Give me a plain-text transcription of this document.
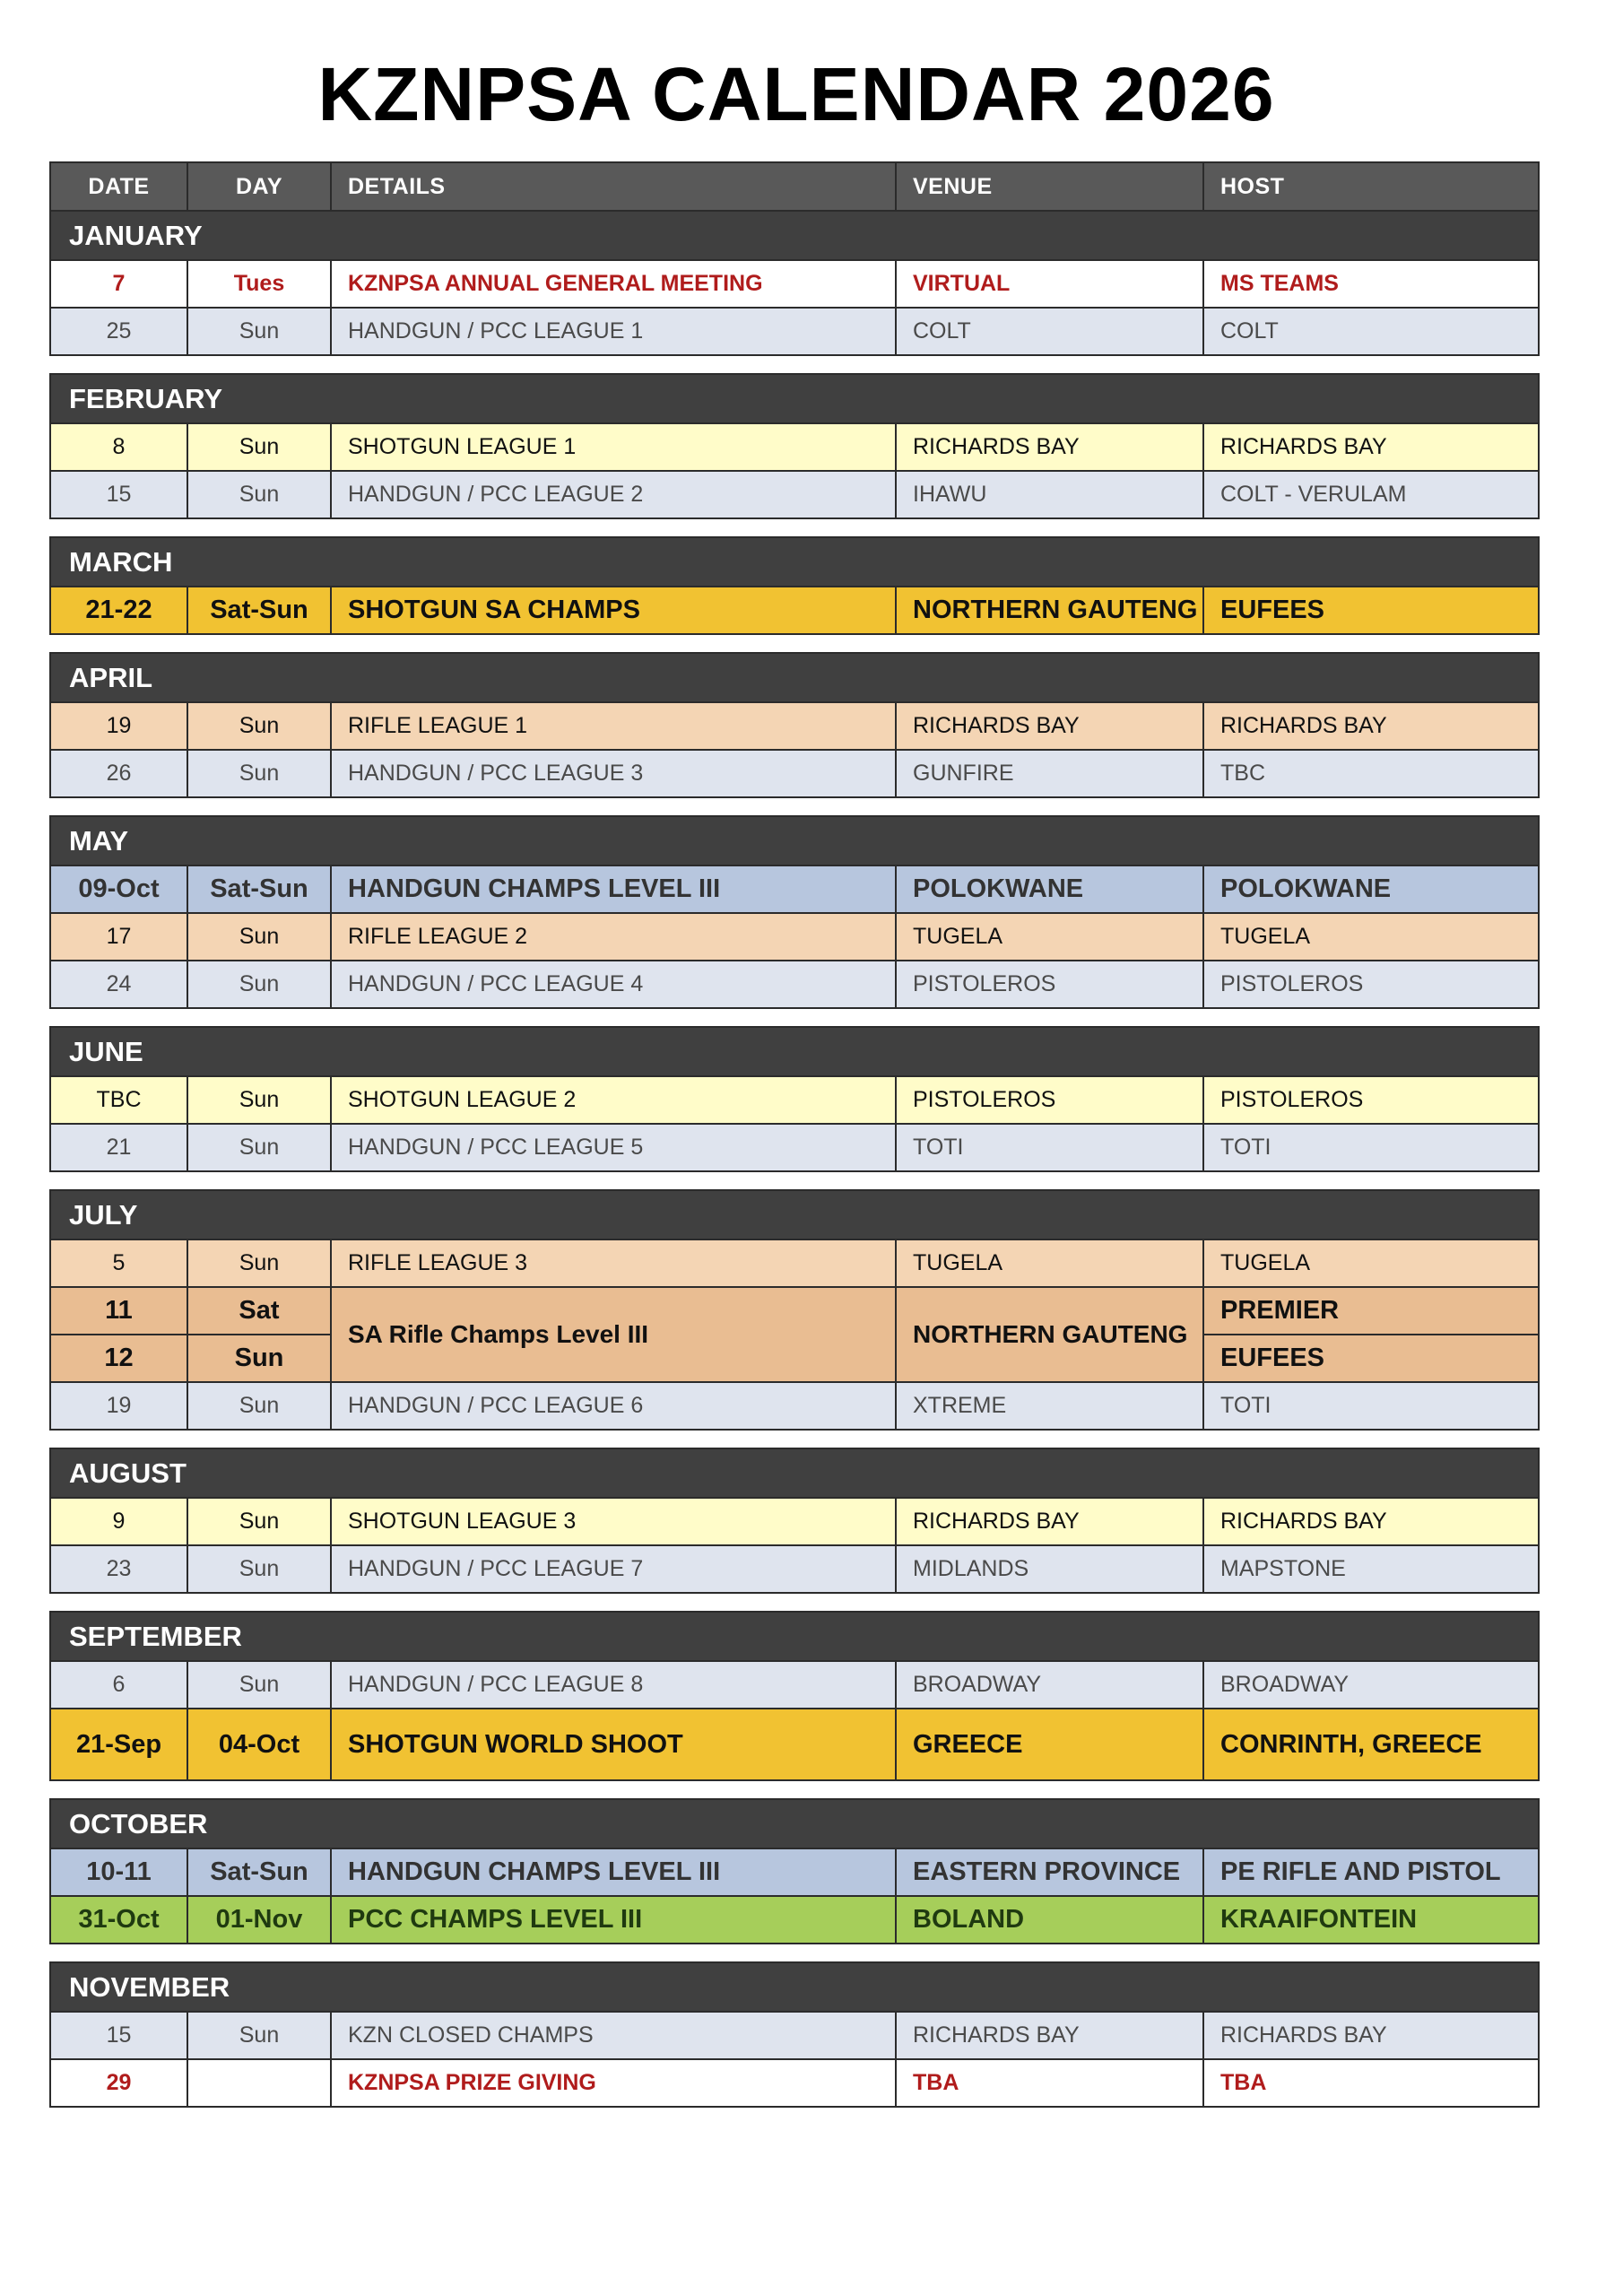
KZNPSA CALENDAR 2026
DATE	DAY	DETAILS	VENUE	HOST
JANUARY				
7	Tues	KZNPSA ANNUAL GENERAL MEETING	VIRTUAL	MS TEAMS
25	Sun	HANDGUN / PCC LEAGUE 1	COLT	COLT
FEBRUARY				
8	Sun	SHOTGUN LEAGUE 1	RICHARDS BAY	RICHARDS BAY
15	Sun	HANDGUN / PCC LEAGUE 2	IHAWU	COLT - VERULAM
MARCH
21-22	Sat-Sun	SHOTGUN SA CHAMPS	NORTHERN GAUTENG	EUFEES
APRIL				
19	Sun	RIFLE LEAGUE 1	RICHARDS BAY	RICHARDS BAY
26	Sun	HANDGUN / PCC LEAGUE 3	GUNFIRE	TBC
MAY				
09-Oct	Sat-Sun	HANDGUN CHAMPS LEVEL III	POLOKWANE	POLOKWANE
17	Sun	RIFLE LEAGUE 2	TUGELA	TUGELA
24	Sun	HANDGUN / PCC LEAGUE 4	PISTOLEROS	PISTOLEROS
JUNE				
TBC	Sun	SHOTGUN LEAGUE 2	PISTOLEROS	PISTOLEROS
21	Sun	HANDGUN / PCC LEAGUE 5	TOTI	TOTI
JULY				
5	Sun	RIFLE LEAGUE 3	TUGELA	TUGELA
11	Sat	SA Rifle Champs Level III	NORTHERN GAUTENG	PREMIER
12	Sun			EUFEES
19	Sun	HANDGUN / PCC LEAGUE 6	XTREME	TOTI
AUGUST				
9	Sun	SHOTGUN LEAGUE 3	RICHARDS BAY	RICHARDS BAY
23	Sun	HANDGUN / PCC LEAGUE 7	MIDLANDS	MAPSTONE
SEPTEMBER				
6	Sun	HANDGUN / PCC LEAGUE 8	BROADWAY	BROADWAY
21-Sep	04-Oct	SHOTGUN WORLD SHOOT	GREECE	CONRINTH, GREECE
OCTOBER				
10-11	Sat-Sun	HANDGUN CHAMPS LEVEL III	EASTERN PROVINCE	PE RIFLE AND PISTOL
31-Oct	01-Nov	PCC CHAMPS LEVEL III	BOLAND	KRAAIFONTEIN
NOVEMBER				
15	Sun	KZN CLOSED CHAMPS	RICHARDS BAY	RICHARDS BAY
29		KZNPSA PRIZE GIVING	TBA	TBA
